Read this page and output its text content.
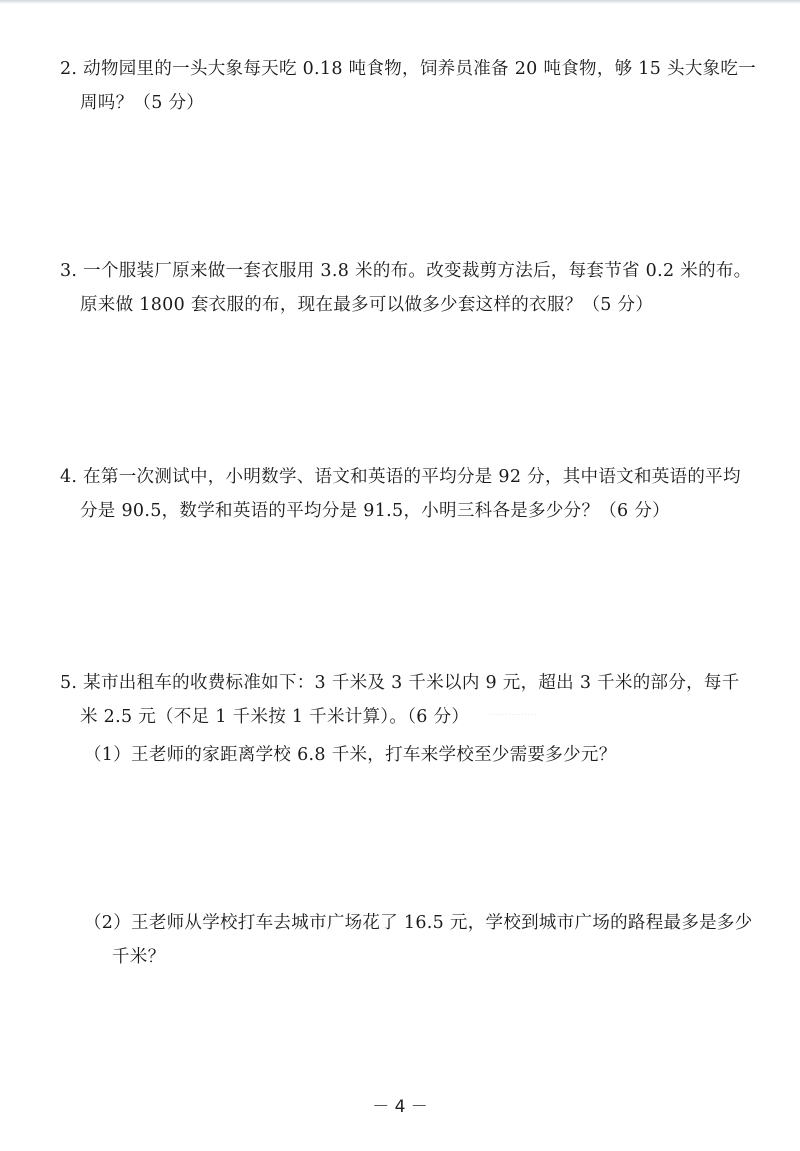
2. 动物园里的一头大象每天吃 0.18 吨食物，饲养员准备 20 吨食物，够 15 头大象吃一

周吗？（5 分）

3. 一个服装厂原来做一套衣服用 3.8 米的布。改变裁剪方法后，每套节省 0.2 米的布。

原来做 1800 套衣服的布，现在最多可以做多少套这样的衣服？（5 分）

4. 在第一次测试中，小明数学、语文和英语的平均分是 92 分，其中语文和英语的平均

分是 90.5，数学和英语的平均分是 91.5，小明三科各是多少分？（6 分）

5. 某市出租车的收费标准如下：3 千米及 3 千米以内 9 元，超出 3 千米的部分，每千

米 2.5 元（不足 1 千米按 1 千米计算）。（6 分）	· · · · · · · · · · · · · · ·

（1）王老师的家距离学校 6.8 千米，打车来学校至少需要多少元？

（2）王老师从学校打车去城市广场花了 16.5 元，学校到城市广场的路程最多是多少

千米？

－ 4 －
